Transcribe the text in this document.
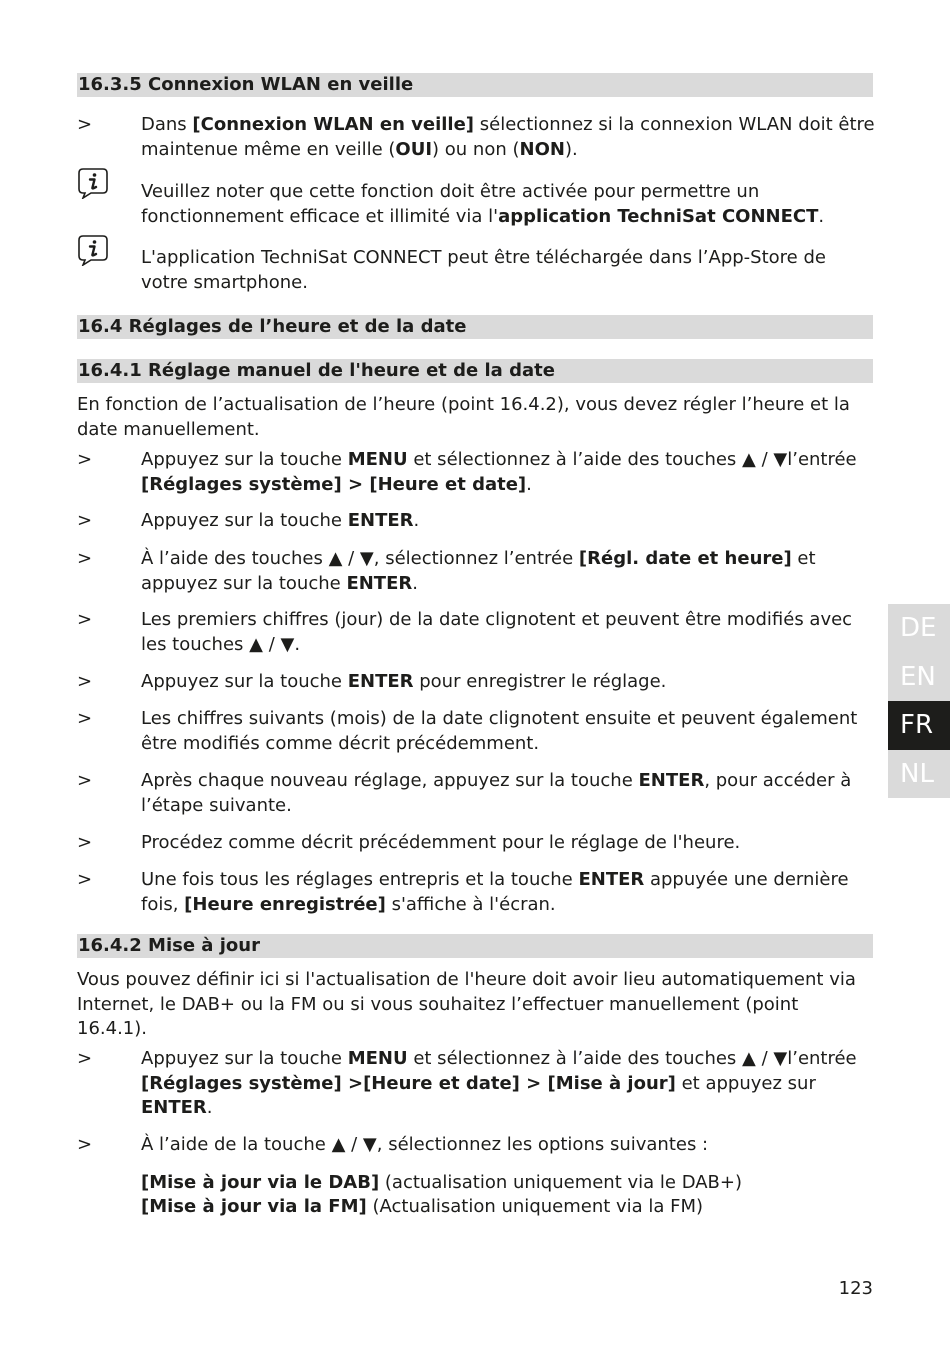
16.3.5 Connexion WLAN en veille
>	Dans [Connexion WLAN en veille] sélectionnez si la connexion WLAN doit être maintenue même en veille (OUI) ou non (NON).
Veuillez noter que cette fonction doit être activée pour permettre un fonctionnement efficace et illimité via l'application TechniSat CONNECT.
L'application TechniSat CONNECT peut être téléchargée dans l’App-Store de votre smartphone.
16.4 Réglages de l’heure et de la date
16.4.1 Réglage manuel de l'heure et de la date
En fonction de l’actualisation de l’heure (point 16.4.2), vous devez régler l’heure et la date manuellement.
>	Appuyez sur la touche MENU et sélectionnez à l’aide des touches ▲ / ▼l’entrée [Réglages système] > [Heure et date].
>	Appuyez sur la touche ENTER.
>	À l’aide des touches ▲ / ▼, sélectionnez l’entrée [Régl. date et heure] et appuyez sur la touche ENTER.
>	Les premiers chiffres (jour) de la date clignotent et peuvent être modifiés avec les touches ▲ / ▼.
>	Appuyez sur la touche ENTER pour enregistrer le réglage.
>	Les chiffres suivants (mois) de la date clignotent ensuite et peuvent également être modifiés comme décrit précédemment.
>	Après chaque nouveau réglage, appuyez sur la touche ENTER, pour accéder à l’étape suivante.
>	Procédez comme décrit précédemment pour le réglage de l'heure.
>	Une fois tous les réglages entrepris et la touche ENTER appuyée une dernière fois, [Heure enregistrée] s'affiche à l'écran.
16.4.2 Mise à jour
Vous pouvez définir ici si l'actualisation de l'heure doit avoir lieu automatiquement via Internet, le DAB+ ou la FM ou si vous souhaitez l’effectuer manuellement (point 16.4.1).
>	Appuyez sur la touche MENU et sélectionnez à l’aide des touches ▲ / ▼l’entrée [Réglages système] >[Heure et date] > [Mise à jour] et appuyez sur ENTER.
>	À l’aide de la touche ▲ / ▼, sélectionnez les options suivantes :
[Mise à jour via le DAB] (actualisation uniquement via le DAB+)
[Mise à jour via la FM] (Actualisation uniquement via la FM)
DE
EN
FR
NL
123
